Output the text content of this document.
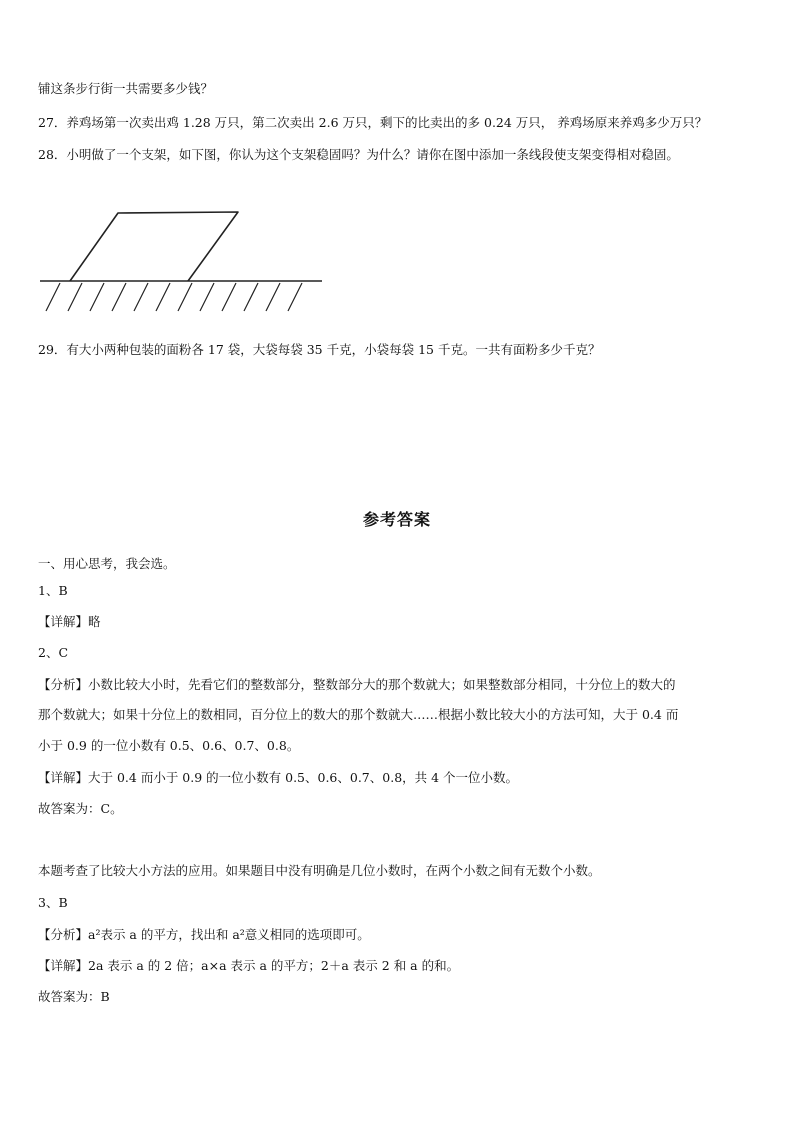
铺这条步行街一共需要多少钱？
27．养鸡场第一次卖出鸡 1.28 万只，第二次卖出 2.6 万只，剩下的比卖出的多 0.24 万只， 养鸡场原来养鸡多少万只？
28．小明做了一个支架，如下图，你认为这个支架稳固吗？为什么？请你在图中添加一条线段使支架变得相对稳固。
29．有大小两种包装的面粉各 17 袋，大袋每袋 35 千克，小袋每袋 15 千克。一共有面粉多少千克？
参考答案
一、用心思考，我会选。
1、B
【详解】略
2、C
【分析】小数比较大小时，先看它们的整数部分，整数部分大的那个数就大；如果整数部分相同，十分位上的数大的
那个数就大；如果十分位上的数相同，百分位上的数大的那个数就大……根据小数比较大小的方法可知，大于 0.4 而
小于 0.9 的一位小数有 0.5、0.6、0.7、0.8。
【详解】大于 0.4 而小于 0.9 的一位小数有 0.5、0.6、0.7、0.8，共 4 个一位小数。
故答案为：C。
本题考查了比较大小方法的应用。如果题目中没有明确是几位小数时，在两个小数之间有无数个小数。
3、B
【分析】a²表示 a 的平方，找出和 a²意义相同的选项即可。
【详解】2a 表示 a 的 2 倍；a×a 表示 a 的平方；2＋a 表示 2 和 a 的和。
故答案为：B
